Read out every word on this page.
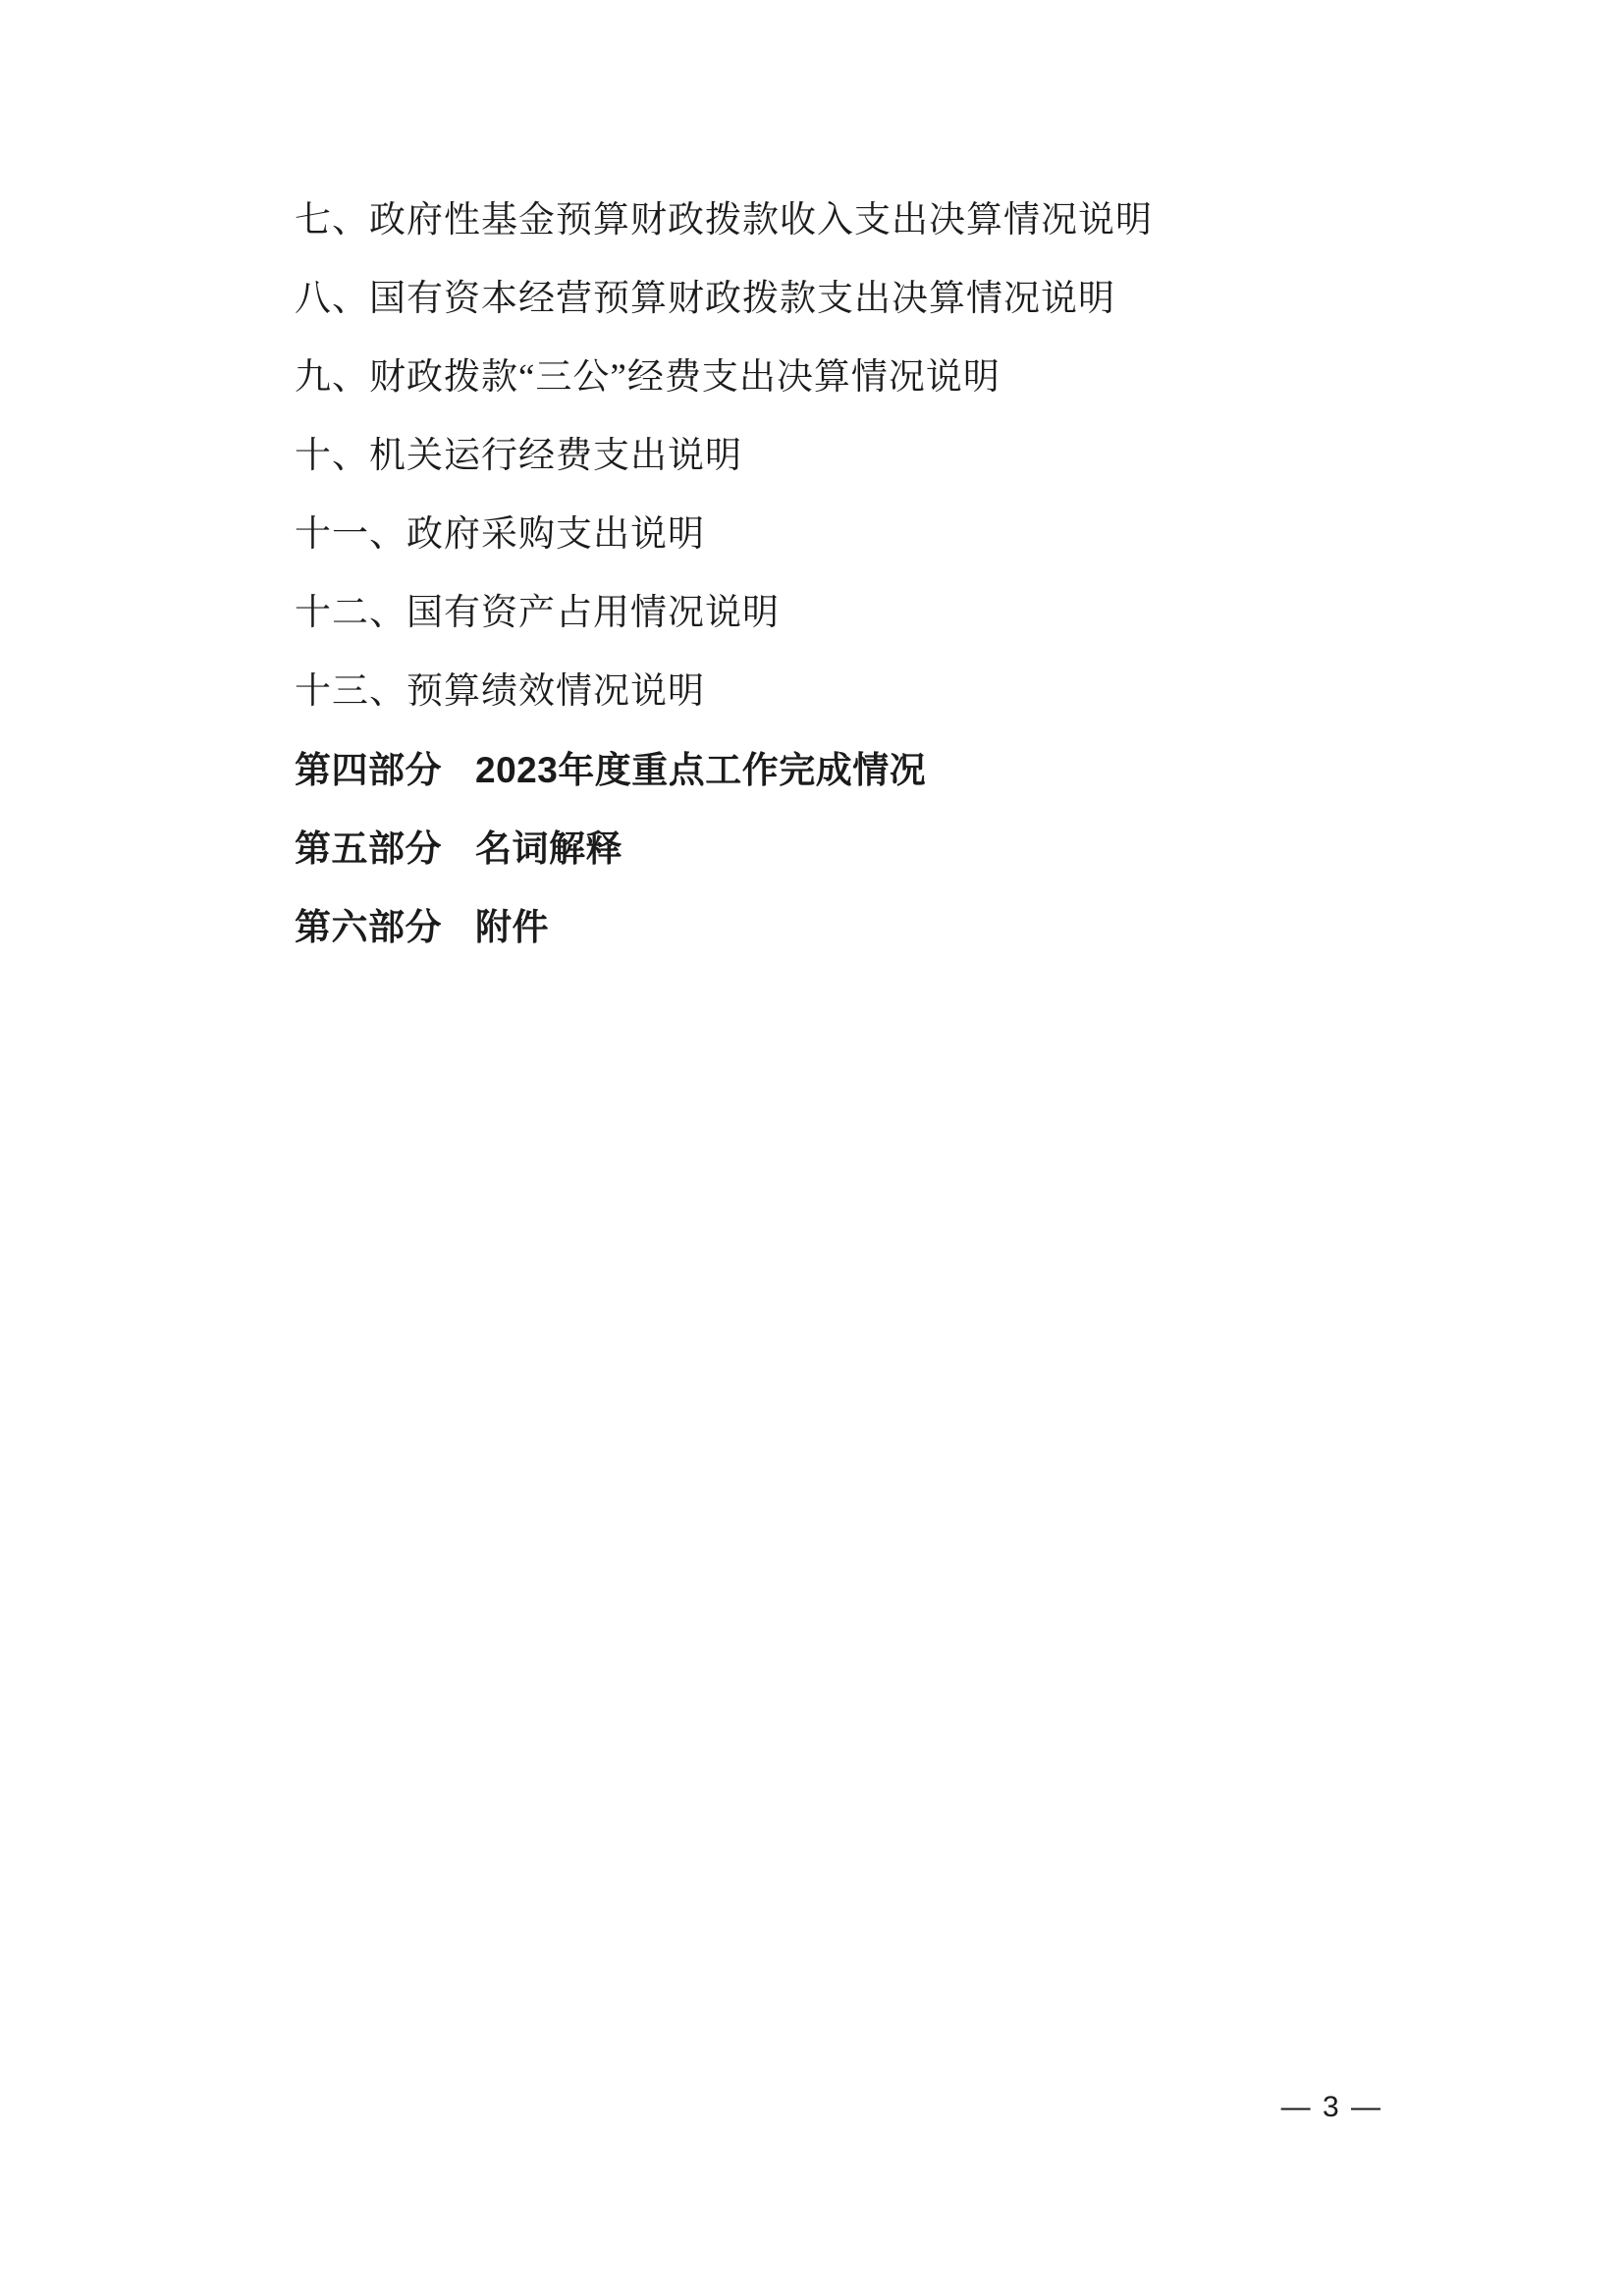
七、政府性基金预算财政拨款收入支出决算情况说明
八、国有资本经营预算财政拨款支出决算情况说明
九、财政拨款“三公”经费支出决算情况说明
十、机关运行经费支出说明
十一、政府采购支出说明
十二、国有资产占用情况说明
十三、预算绩效情况说明
第四部分 2023年度重点工作完成情况
第五部分 名词解释
第六部分 附件
— 3 —
